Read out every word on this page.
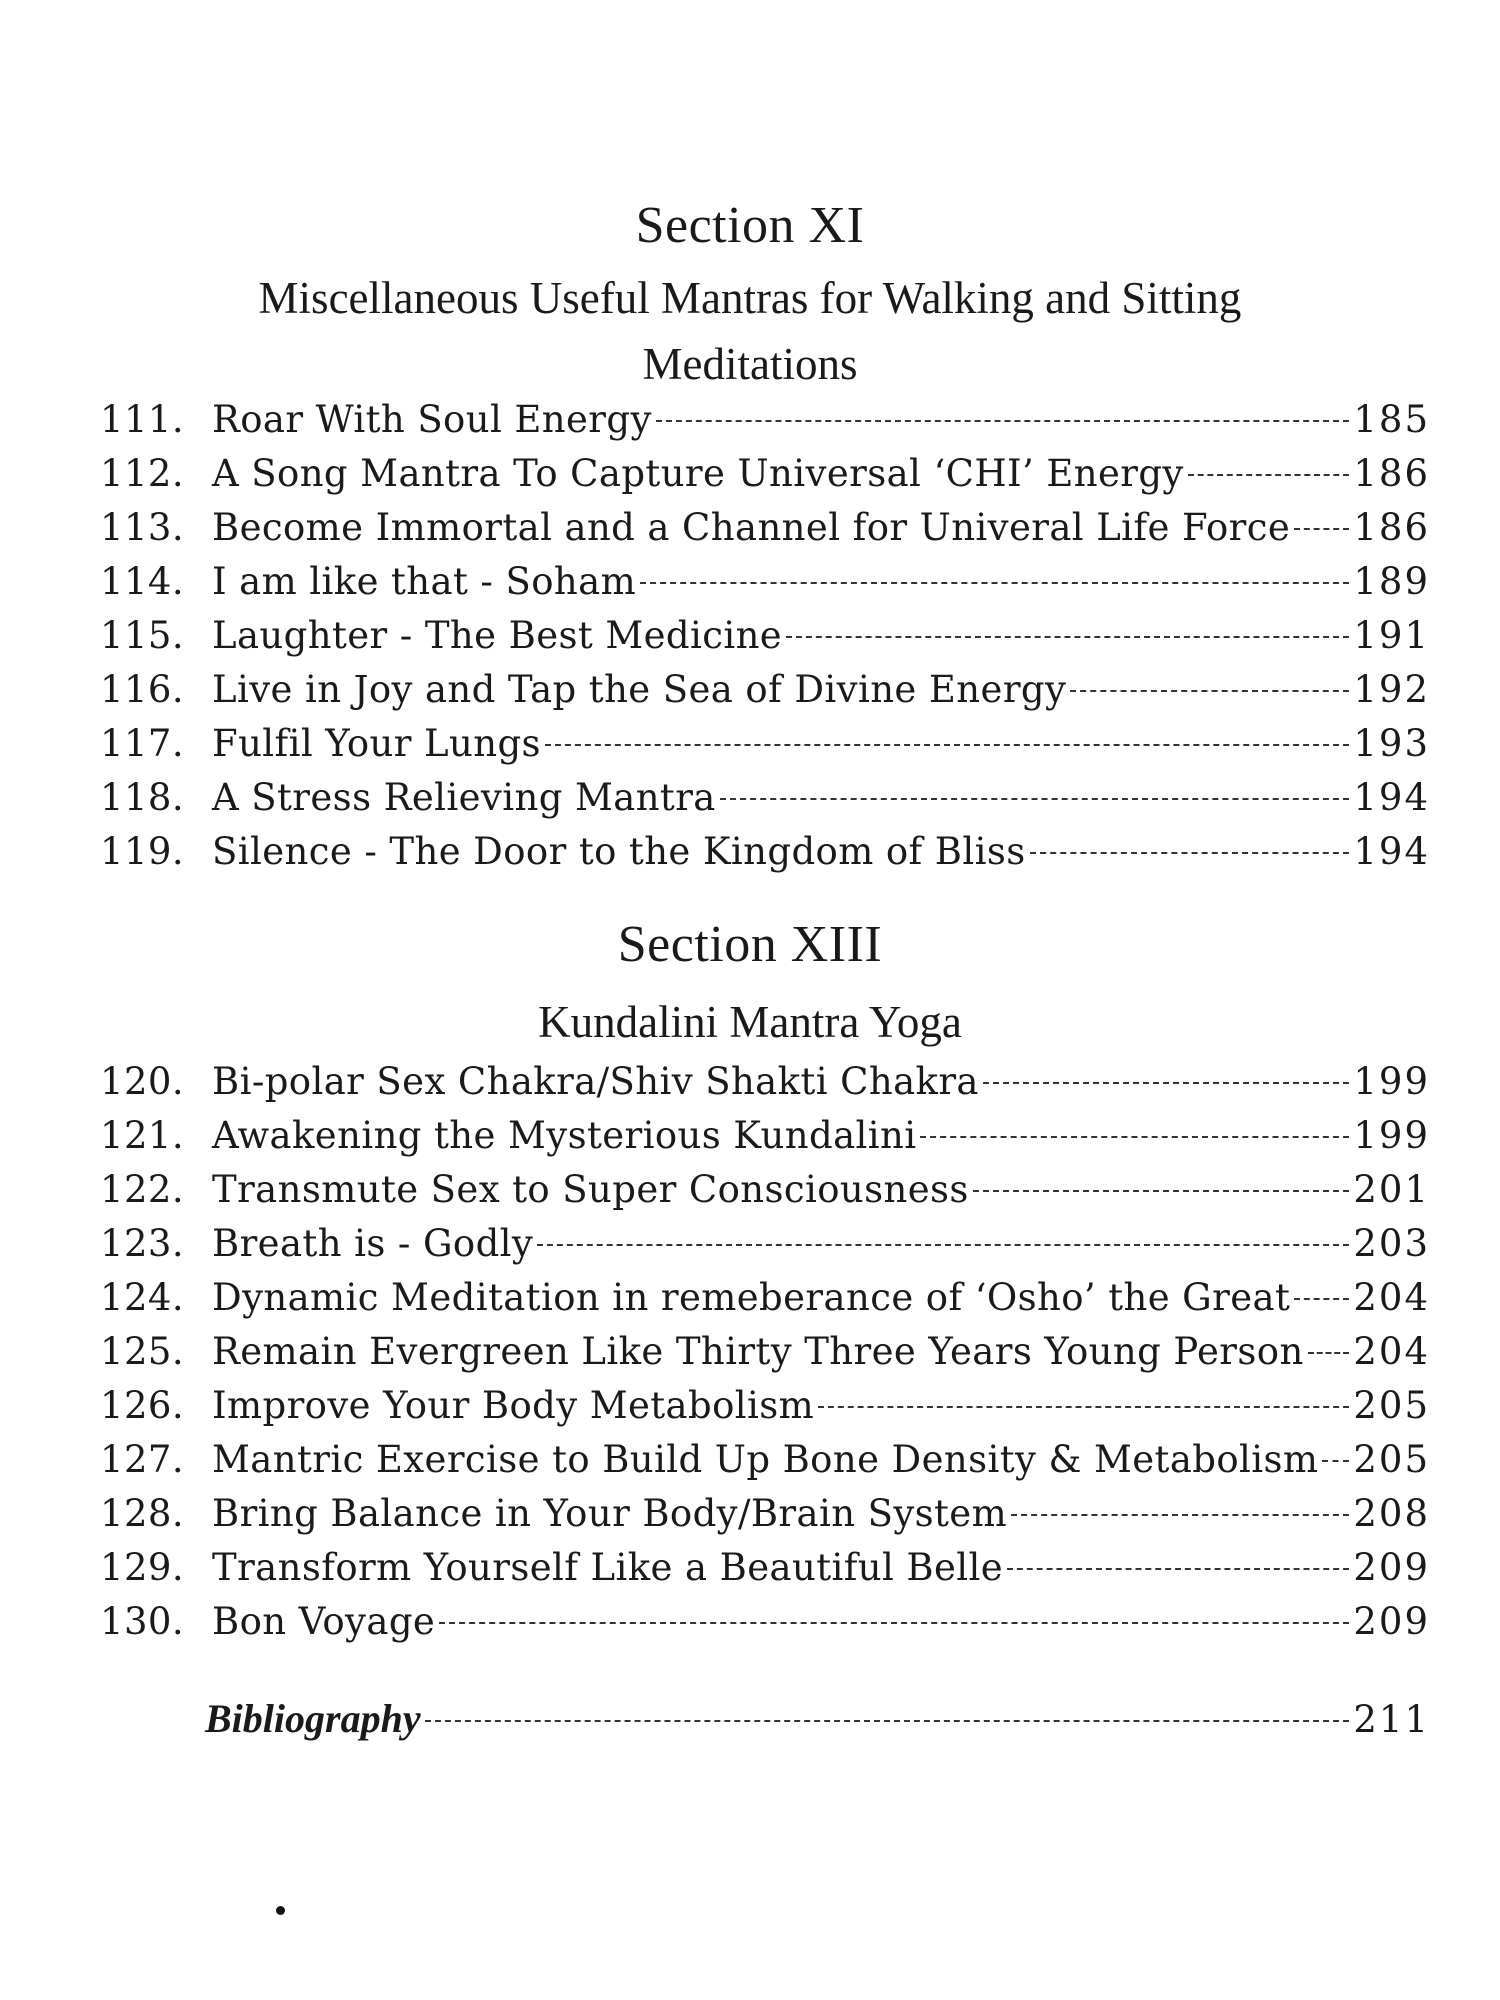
Section XI
Miscellaneous Useful Mantras for Walking and Sitting
Meditations
111. Roar With Soul Energy	185
112. A Song Mantra To Capture Universal ‘CHI’ Energy	186
113. Become Immortal and a Channel for Univeral Life Force 186
114. I am like that - Soham	189
115. Laughter - The Best Medicine	191
116. Live in Joy and Tap the Sea of Divine Energy	192
117. Fulfil Your Lungs	193
118. A Stress Relieving Mantra	194
119. Silence - The Door to the Kingdom of Bliss	194
Section XIII
Kundalini Mantra Yoga
120. Bi-polar Sex Chakra/Shiv Shakti Chakra	199
121. Awakening the Mysterious Kundalini	199
122. Transmute Sex to Super Consciousness	201
123. Breath is - Godly	203
124. Dynamic Meditation in remeberance of ‘Osho’ the Great 204
125. Remain Evergreen Like Thirty Three Years Young Person 204
126. Improve Your Body Metabolism	205
127. Mantric Exercise to Build Up Bone Density & Metabolism 205
128. Bring Balance in Your Body/Brain System	208
129. Transform Yourself Like a Beautiful Belle	209
130. Bon Voyage	209
Bibliography	211
